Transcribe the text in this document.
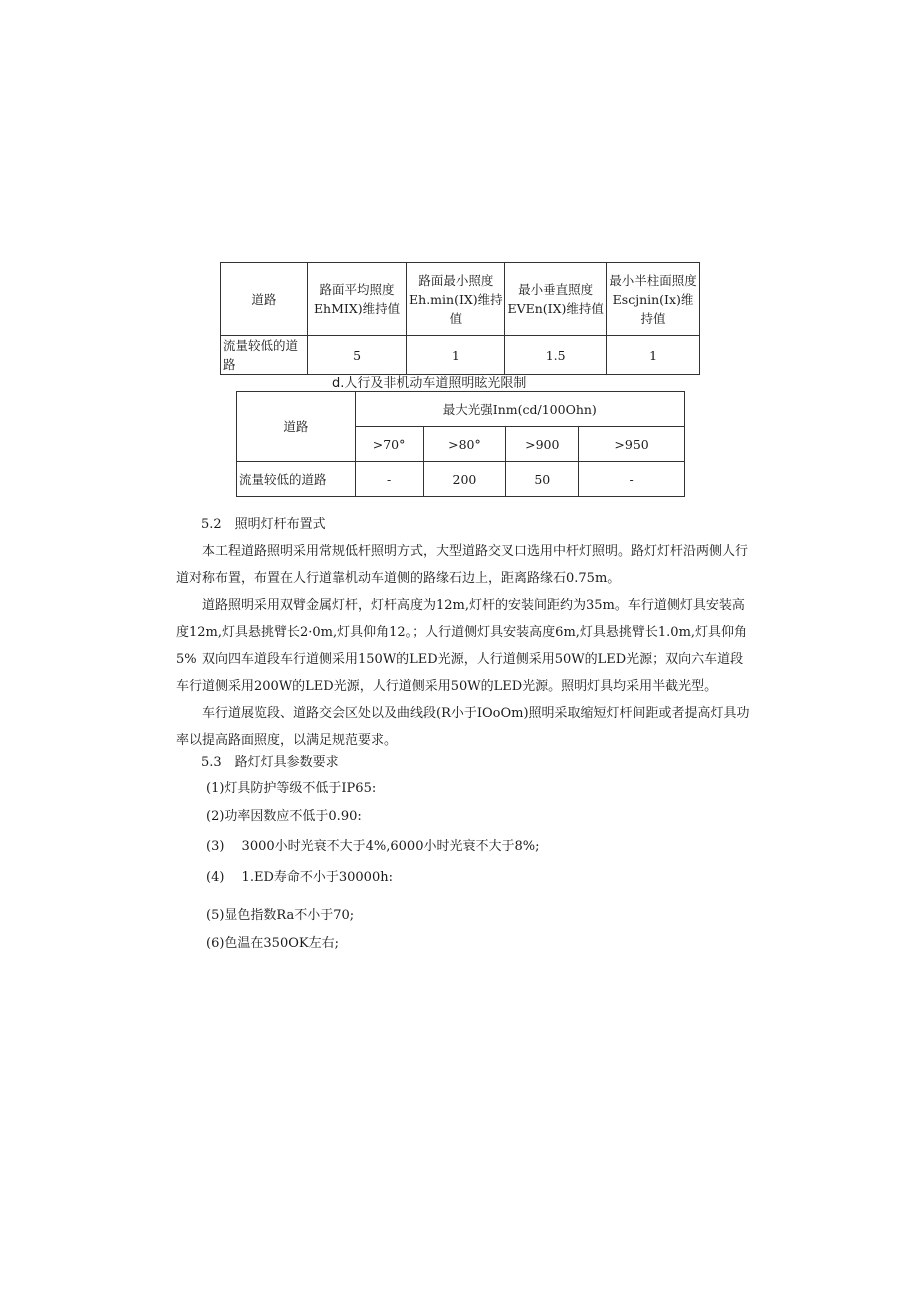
道路	路面平均照度EhMIX)维持值	路面最小照度Eh.min(IX)维持值	最小垂直照度EVEn(IX)维持值	最小半柱面照度Escjnin(Ix)维持值
流量较低的道路	5	1	1.5	1
d.人行及非机动车道照明眩光限制
道路	最大光强Inm(cd/100Ohn)			
	>70°	>80°	>900	>950
流量较低的道路	-	200	50	-
5.2　照明灯杆布置式
本工程道路照明采用常规低杆照明方式，大型道路交叉口选用中杆灯照明。路灯灯杆沿两侧人行道对称布置，布置在人行道靠机动车道侧的路缘石边上，距离路缘石0.75m。
道路照明采用双臂金属灯杆，灯杆高度为12m,灯杆的安装间距约为35m。车行道侧灯具安装高度12m,灯具悬挑臂长2·0m,灯具仰角12。；人行道侧灯具安装高度6m,灯具悬挑臂长1.0m,灯具仰角5% 双向四车道段车行道侧采用150W的LED光源，人行道侧采用50W的LED光源；双向六车道段车行道侧采用200W的LED光源，人行道侧采用50W的LED光源。照明灯具均采用半截光型。
车行道展览段、道路交会区处以及曲线段(R小于IOoOm)照明采取缩短灯杆间距或者提高灯具功率以提高路面照度，以满足规范要求。
5.3　路灯灯具参数要求
(1)灯具防护等级不低于IP65:
(2)功率因数应不低于0.90:
(3)　 3000小时光衰不大于4%,6000小时光衰不大于8%;
(4)　 1.ED寿命不小于30000h:
(5)显色指数Ra不小于70;
(6)色温在350OK左右;
